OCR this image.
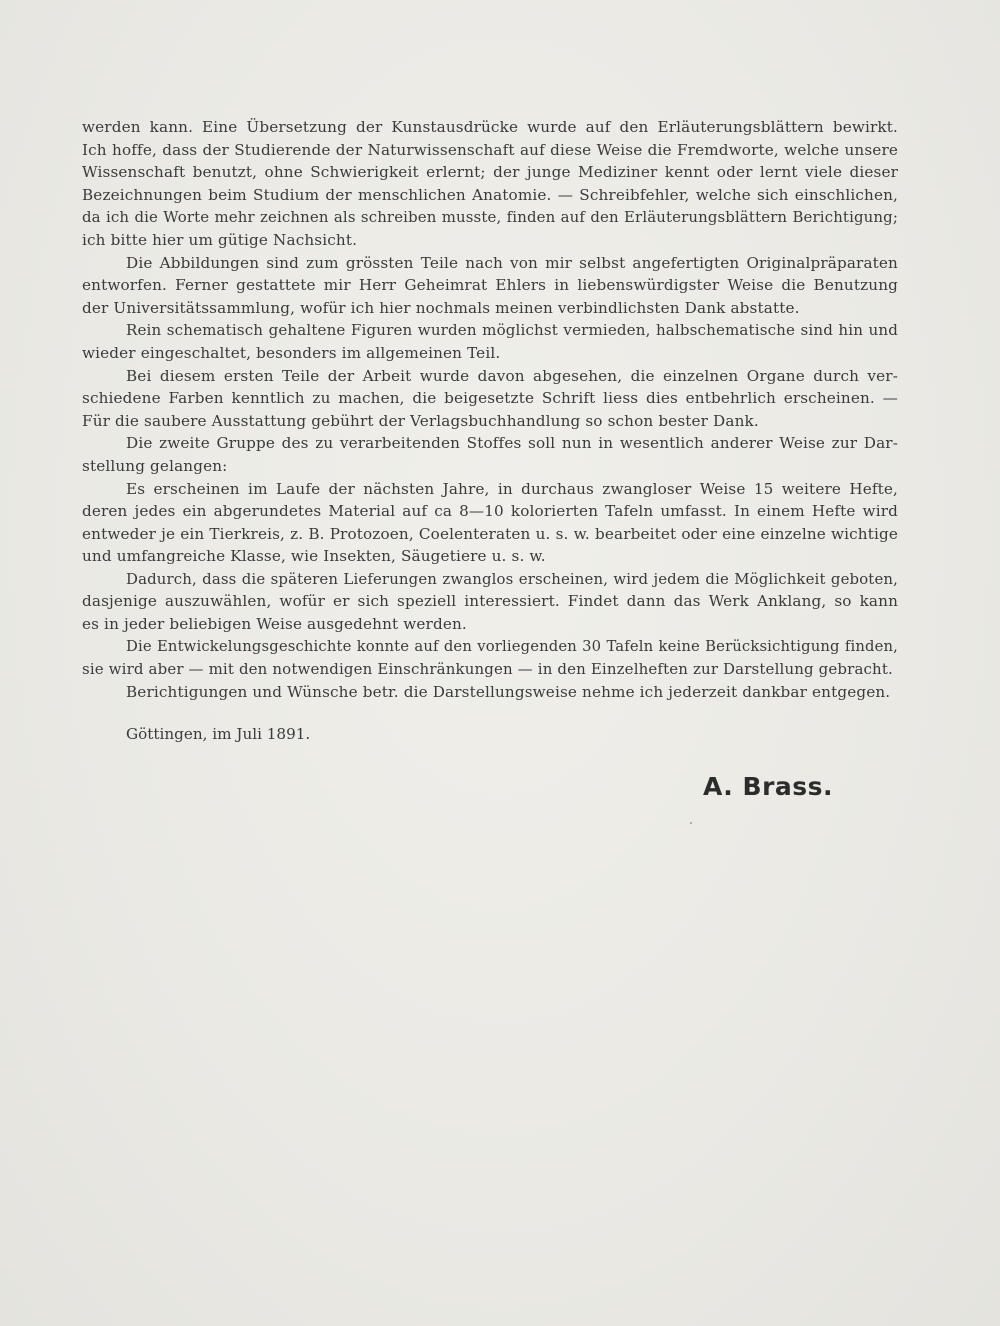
werden kann. Eine Übersetzung der Kunstausdrücke wurde auf den Erläuterungsblättern bewirkt.
Ich hoffe, dass der Studierende der Naturwissenschaft auf diese Weise die Fremdworte, welche unsere
Wissenschaft benutzt, ohne Schwierigkeit erlernt; der junge Mediziner kennt oder lernt viele dieser
Bezeichnungen beim Studium der menschlichen Anatomie. — Schreibfehler, welche sich einschlichen,
da ich die Worte mehr zeichnen als schreiben musste, finden auf den Erläuterungsblättern Berichtigung;
ich bitte hier um gütige Nachsicht.

Die Abbildungen sind zum grössten Teile nach von mir selbst angefertigten Originalpräparaten
entworfen. Ferner gestattete mir Herr Geheimrat Ehlers in liebenswürdigster Weise die Benutzung
der Universitätssammlung, wofür ich hier nochmals meinen verbindlichsten Dank abstatte.

Rein schematisch gehaltene Figuren wurden möglichst vermieden, halbschematische sind hin und
wieder eingeschaltet, besonders im allgemeinen Teil.

Bei diesem ersten Teile der Arbeit wurde davon abgesehen, die einzelnen Organe durch ver-
schiedene Farben kenntlich zu machen, die beigesetzte Schrift liess dies entbehrlich erscheinen. —
Für die saubere Ausstattung gebührt der Verlagsbuchhandlung so schon bester Dank.

Die zweite Gruppe des zu verarbeitenden Stoffes soll nun in wesentlich anderer Weise zur Dar-
stellung gelangen:

Es erscheinen im Laufe der nächsten Jahre, in durchaus zwangloser Weise 15 weitere Hefte,
deren jedes ein abgerundetes Material auf ca 8—10 kolorierten Tafeln umfasst. In einem Hefte wird
entweder je ein Tierkreis, z. B. Protozoen, Coelenteraten u. s. w. bearbeitet oder eine einzelne wichtige
und umfangreiche Klasse, wie Insekten, Säugetiere u. s. w.

Dadurch, dass die späteren Lieferungen zwanglos erscheinen, wird jedem die Möglichkeit geboten,
dasjenige auszuwählen, wofür er sich speziell interessiert. Findet dann das Werk Anklang, so kann
es in jeder beliebigen Weise ausgedehnt werden.

Die Entwickelungsgeschichte konnte auf den vorliegenden 30 Tafeln keine Berücksichtigung finden,
sie wird aber — mit den notwendigen Einschränkungen — in den Einzelheften zur Darstellung gebracht.

Berichtigungen und Wünsche betr. die Darstellungsweise nehme ich jederzeit dankbar entgegen.

Göttingen, im Juli 1891.
A. Brass.
